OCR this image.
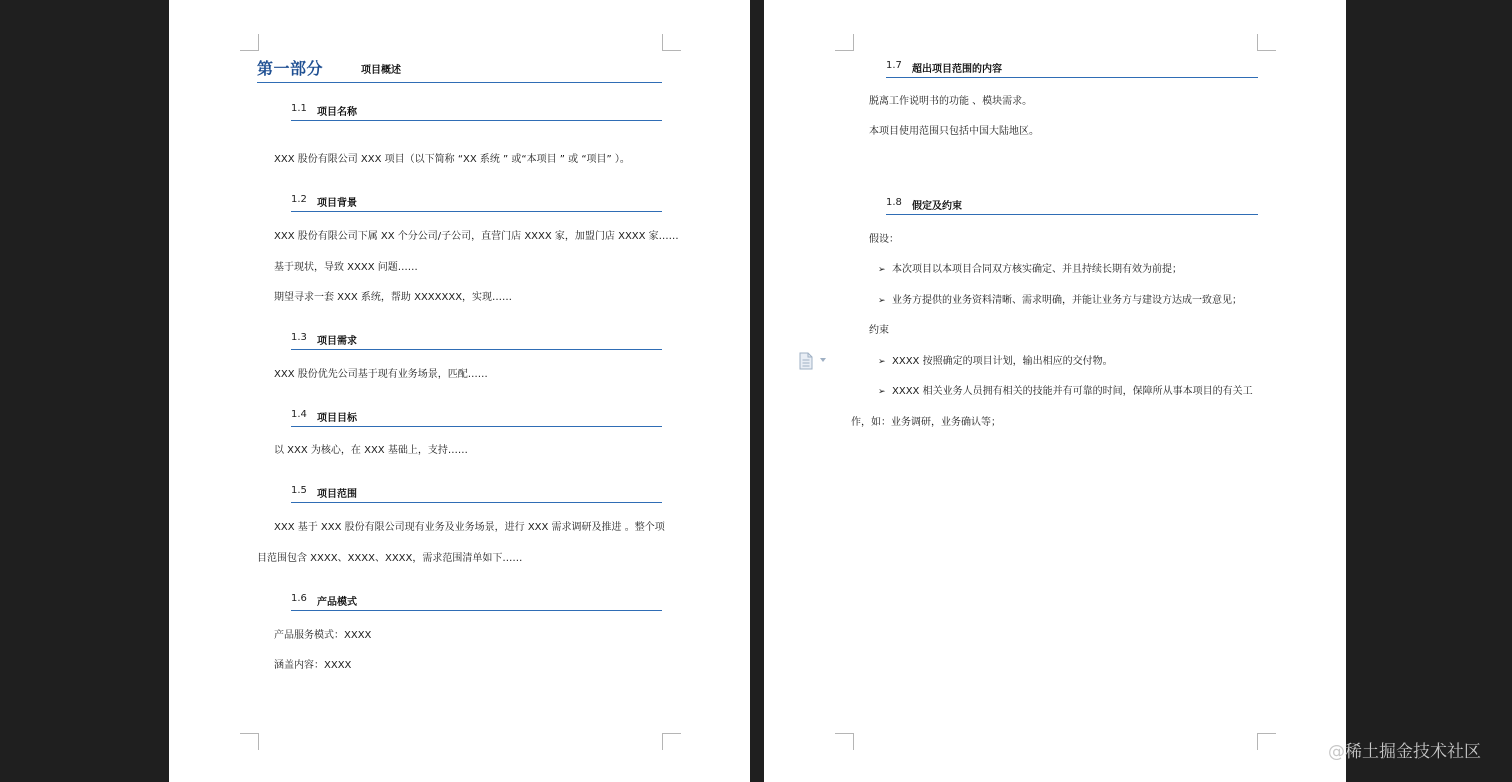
第一部分	项目概述
1.1 项目名称
XXX 股份有限公司 XXX 项目（以下简称 “XX 系统 ” 或“本项目 ” 或 “项目” ）。
1.2 项目背景
XXX 股份有限公司下属 XX 个分公司/子公司，直营门店 XXXX 家，加盟门店 XXXX 家……
基于现状，导致 XXXX 问题……
期望寻求一套 XXX 系统，帮助 XXXXXXX，实现……
1.3 项目需求
XXX 股份优先公司基于现有业务场景，匹配……
1.4 项目目标
以 XXX 为核心，在 XXX 基础上，支持……
1.5 项目范围
XXX 基于 XXX 股份有限公司现有业务及业务场景，进行 XXX 需求调研及推进 。整个项
目范围包含 XXXX、XXXX、XXXX，需求范围清单如下……
1.6 产品模式
产品服务模式：XXXX
涵盖内容：XXXX
1.7 超出项目范围的内容
脱离工作说明书的功能 、模块需求。
本项目使用范围只包括中国大陆地区。
1.8 假定及约束
假设：
➢ 本次项目以本项目合同双方核实确定、并且持续长期有效为前提；
➢ 业务方提供的业务资料清晰、需求明确，并能让业务方与建设方达成一致意见；
约束
➢ XXXX 按照确定的项目计划，输出相应的交付物。
➢ XXXX 相关业务人员拥有相关的技能并有可靠的时间，保障所从事本项目的有关工
作，如：业务调研，业务确认等；
@稀土掘金技术社区
